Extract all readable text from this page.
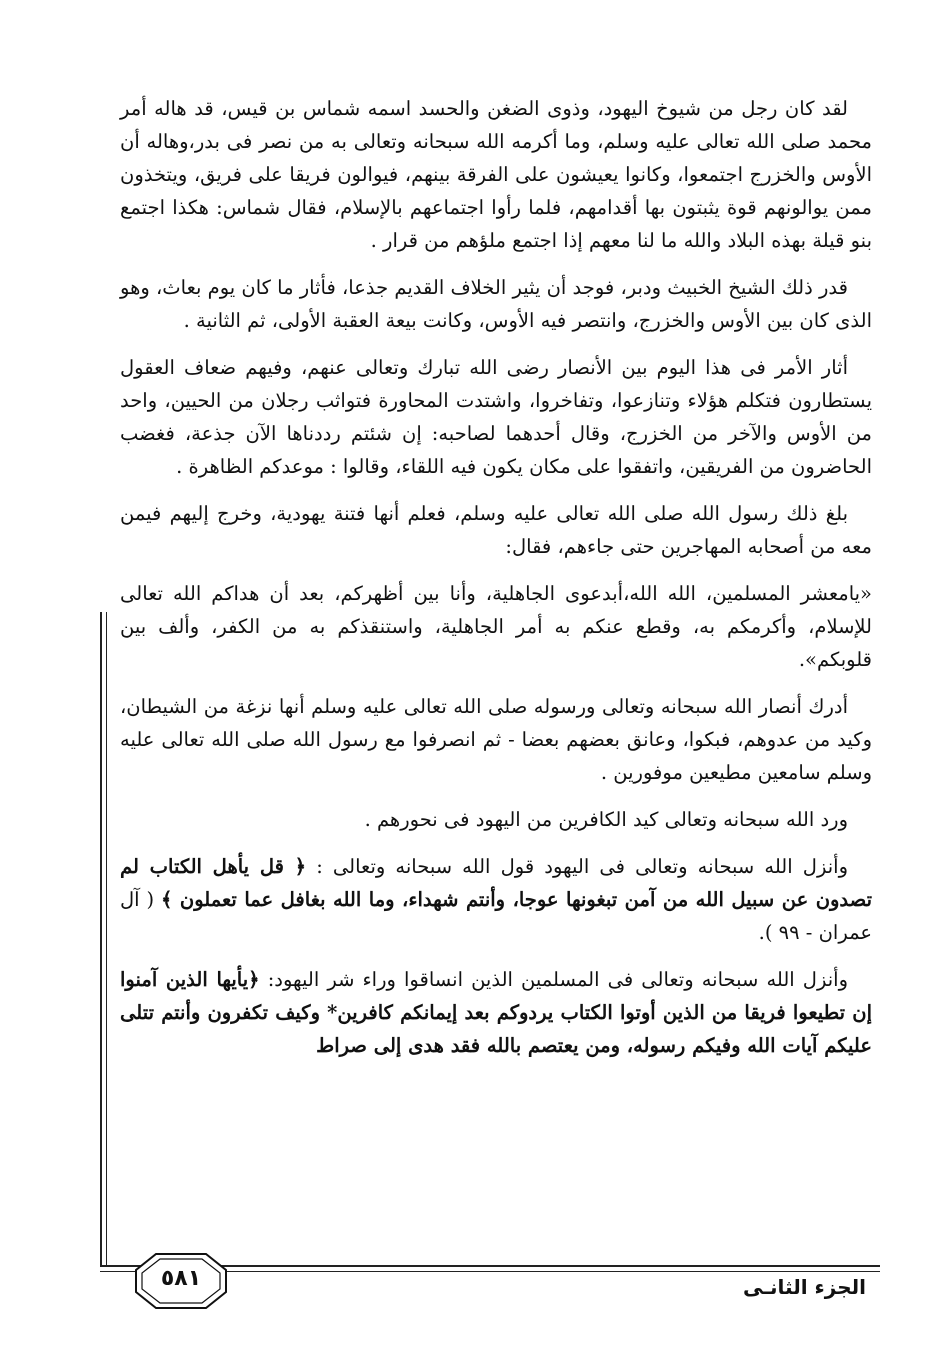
لقد كان رجل من شيوخ اليهود، وذوى الضغن والحسد اسمه شماس بن قيس، قد هاله أمر محمد صلى الله تعالى عليه وسلم، وما أكرمه الله سبحانه وتعالى به من نصر فى بدر،وهاله أن الأوس والخزرج اجتمعوا، وكانوا يعيشون على الفرقة بينهم، فيوالون فريقا على فريق، ويتخذون ممن يوالونهم قوة يثبتون بها أقدامهم، فلما رأوا اجتماعهم بالإسلام، فقال شماس: هكذا اجتمع بنو قيلة بهذه البلاد والله ما لنا معهم إذا اجتمع ملؤهم من قرار .

قدر ذلك الشيخ الخبيث ودبر، فوجد أن يثير الخلاف القديم جذعا، فأثار ما كان يوم بعاث، وهو الذى كان بين الأوس والخزرج، وانتصر فيه الأوس، وكانت بيعة العقبة الأولى، ثم الثانية .

أثار الأمر فى هذا اليوم بين الأنصار رضى الله تبارك وتعالى عنهم، وفيهم ضعاف العقول يستطارون فتكلم هؤلاء وتنازعوا، وتفاخروا، واشتدت المحاورة فتواثب رجلان من الحيين، واحد من الأوس والآخر من الخزرج، وقال أحدهما لصاحبه: إن شئتم رددناها الآن جذعة، فغضب الحاضرون من الفريقين، واتفقوا على مكان يكون فيه اللقاء، وقالوا : موعدكم الظاهرة .

بلغ ذلك رسول الله صلى الله تعالى عليه وسلم، فعلم أنها فتنة يهودية، وخرج إليهم فيمن معه من أصحابه المهاجرين حتى جاءهم، فقال:

«يامعشر المسلمين، الله الله،أبدعوى الجاهلية، وأنا بين أظهركم، بعد أن هداكم الله تعالى للإسلام، وأكرمكم به، وقطع عنكم به أمر الجاهلية، واستنقذكم به من الكفر، وألف بين قلوبكم».

أدرك أنصار الله سبحانه وتعالى ورسوله صلى الله تعالى عليه وسلم أنها نزغة من الشيطان، وكيد من عدوهم، فبكوا، وعانق بعضهم بعضا - ثم انصرفوا مع رسول الله صلى الله تعالى عليه وسلم سامعين مطيعين موفورين .

ورد الله سبحانه وتعالى كيد الكافرين من اليهود فى نحورهم .

وأنزل الله سبحانه وتعالى فى اليهود قول الله سبحانه وتعالى : ﴿ قل يأهل الكتاب لم تصدون عن سبيل الله من آمن تبغونها عوجا، وأنتم شهداء، وما الله بغافل عما تعملون ﴾ ( آل عمران - ٩٩ ).

وأنزل الله سبحانه وتعالى فى المسلمين الذين انساقوا وراء شر اليهود: ﴿يأيها الذين آمنوا إن تطيعوا فريقا من الذين أوتوا الكتاب يردوكم بعد إيمانكم كافرين* وكيف تكفرون وأنتم تتلى عليكم آيات الله وفيكم رسوله، ومن يعتصم بالله فقد هدى إلى صراط

الجزء الثانـى
٥٨١
